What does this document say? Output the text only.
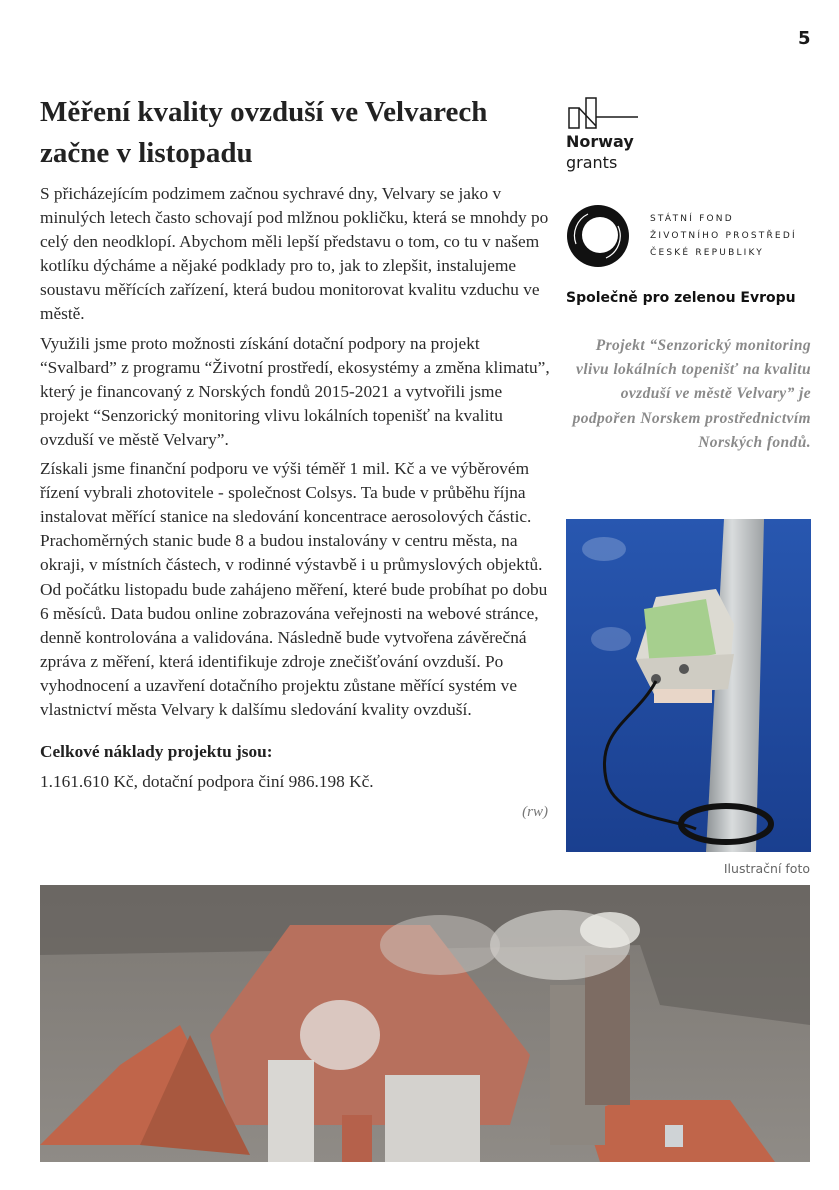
5
Měření kvality ovzduší ve Velvarech začne v listopadu

S přicházejícím podzimem začnou sychravé dny, Velvary se jako v minulých letech často schovají pod mlžnou pokličku, která se mnohdy po celý den neodklopí. Abychom měli lepší představu o tom, co tu v našem kotlíku dýcháme a nějaké podklady pro to, jak to zlepšit, instalujeme soustavu měřících zařízení, která budou monitorovat kvalitu vzduchu ve městě.

Využili jsme proto možnosti získání dotační podpory na projekt “Svalbard” z programu “Životní prostředí, ekosystémy a změna klimatu”, který je financovaný z Norských fondů 2015-2021 a vytvořili jsme projekt “Senzorický monitoring vlivu lokálních topenišť na kvalitu ovzduší ve městě Velvary”.

Získali jsme finanční podporu ve výši téměř 1 mil. Kč a ve výběrovém řízení vybrali zhotovitele - společnost Colsys. Ta bude v průběhu října instalovat měřící stanice na sledování koncentrace aerosolových částic. Prachoměrných stanic bude 8 a budou instalovány v centru města, na okraji, v místních částech, v rodinné výstavbě i u průmyslových objektů. Od počátku listopadu bude zahájeno měření, které bude probíhat po dobu 6 měsíců. Data budou online zobrazována veřejnosti na webové stránce, denně kontrolována a validována. Následně bude vytvořena závěrečná zpráva z měření, která identifikuje zdroje znečišťování ovzduší. Po vyhodnocení a uzavření dotačního projektu zůstane měřící systém ve vlastnictví města Velvary k dalšímu sledování kvality ovzduší.

Celkové náklady projektu jsou:

1.161.610 Kč, dotační podpora činí 986.198 Kč.

(rw)
Norway
grants
STÁTNÍ FOND
ŽIVOTNÍHO PROSTŘEDÍ
ČESKÉ REPUBLIKY
Společně pro zelenou Evropu
Projekt “Senzorický monitoring vlivu lokálních topenišť na kvalitu ovzduší ve městě Velvary” je podpořen Norskem prostřednictvím Norských fondů.
Ilustrační foto
